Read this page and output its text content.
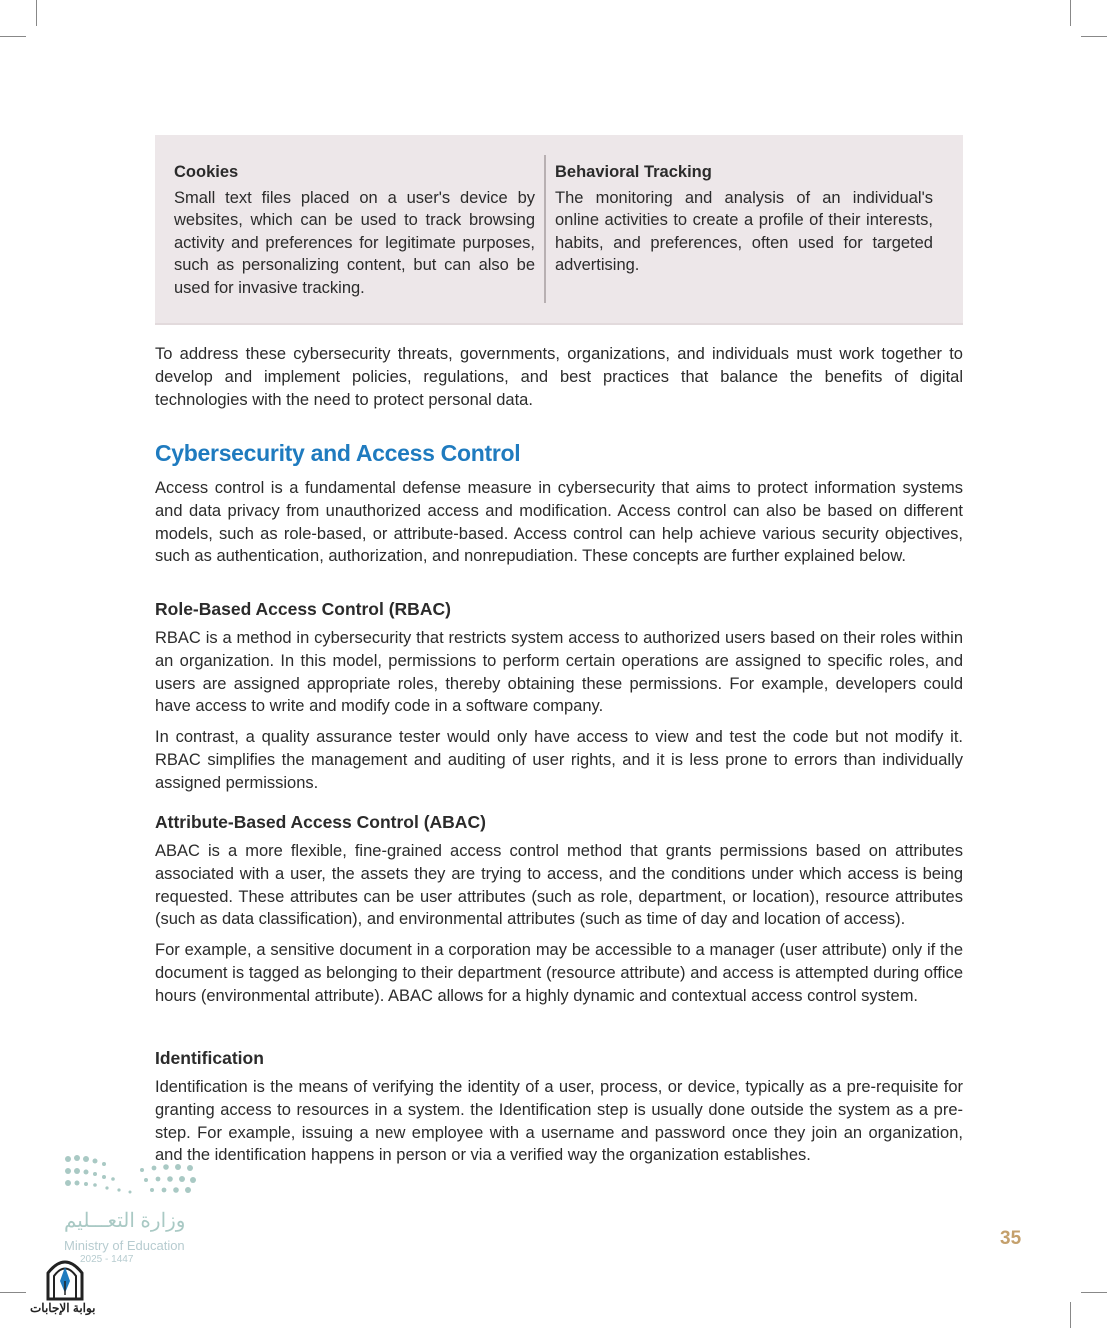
Cookies
Small text files placed on a user's device by websites, which can be used to track browsing activity and preferences for legitimate purposes, such as personalizing content, but can also be used for invasive tracking.
Behavioral Tracking
The monitoring and analysis of an individual's online activities to create a profile of their interests, habits, and preferences, often used for targeted advertising.
To address these cybersecurity threats, governments, organizations, and individuals must work together to develop and implement policies, regulations, and best practices that balance the benefits of digital technologies with the need to protect personal data.
Cybersecurity and Access Control
Access control is a fundamental defense measure in cybersecurity that aims to protect information systems and data privacy from unauthorized access and modification. Access control can also be based on different models, such as role-based, or attribute-based. Access control can help achieve various security objectives, such as authentication, authorization, and nonrepudiation. These concepts are further explained below.
Role-Based Access Control (RBAC)
RBAC is a method in cybersecurity that restricts system access to authorized users based on their roles within an organization. In this model, permissions to perform certain operations are assigned to specific roles, and users are assigned appropriate roles, thereby obtaining these permissions. For example, developers could have access to write and modify code in a software company.
In contrast, a quality assurance tester would only have access to view and test the code but not modify it. RBAC simplifies the management and auditing of user rights, and it is less prone to errors than individually assigned permissions.
Attribute-Based Access Control (ABAC)
ABAC is a more flexible, fine-grained access control method that grants permissions based on attributes associated with a user, the assets they are trying to access, and the conditions under which access is being requested. These attributes can be user attributes (such as role, department, or location), resource attributes (such as data classification), and environmental attributes (such as time of day and location of access).
For example, a sensitive document in a corporation may be accessible to a manager (user attribute) only if the document is tagged as belonging to their department (resource attribute) and access is attempted during office hours (environmental attribute). ABAC allows for a highly dynamic and contextual access control system.
Identification
Identification is the means of verifying the identity of a user, process, or device, typically as a pre-requisite for granting access to resources in a system. the Identification step is usually done outside the system as a pre-step. For example, issuing a new employee with a username and password once they join an organization, and the identification happens in person or via a verified way the organization establishes.
35
وزارة التعـــليم
Ministry of Education
2025 - 1447
بوابة الإجابات
